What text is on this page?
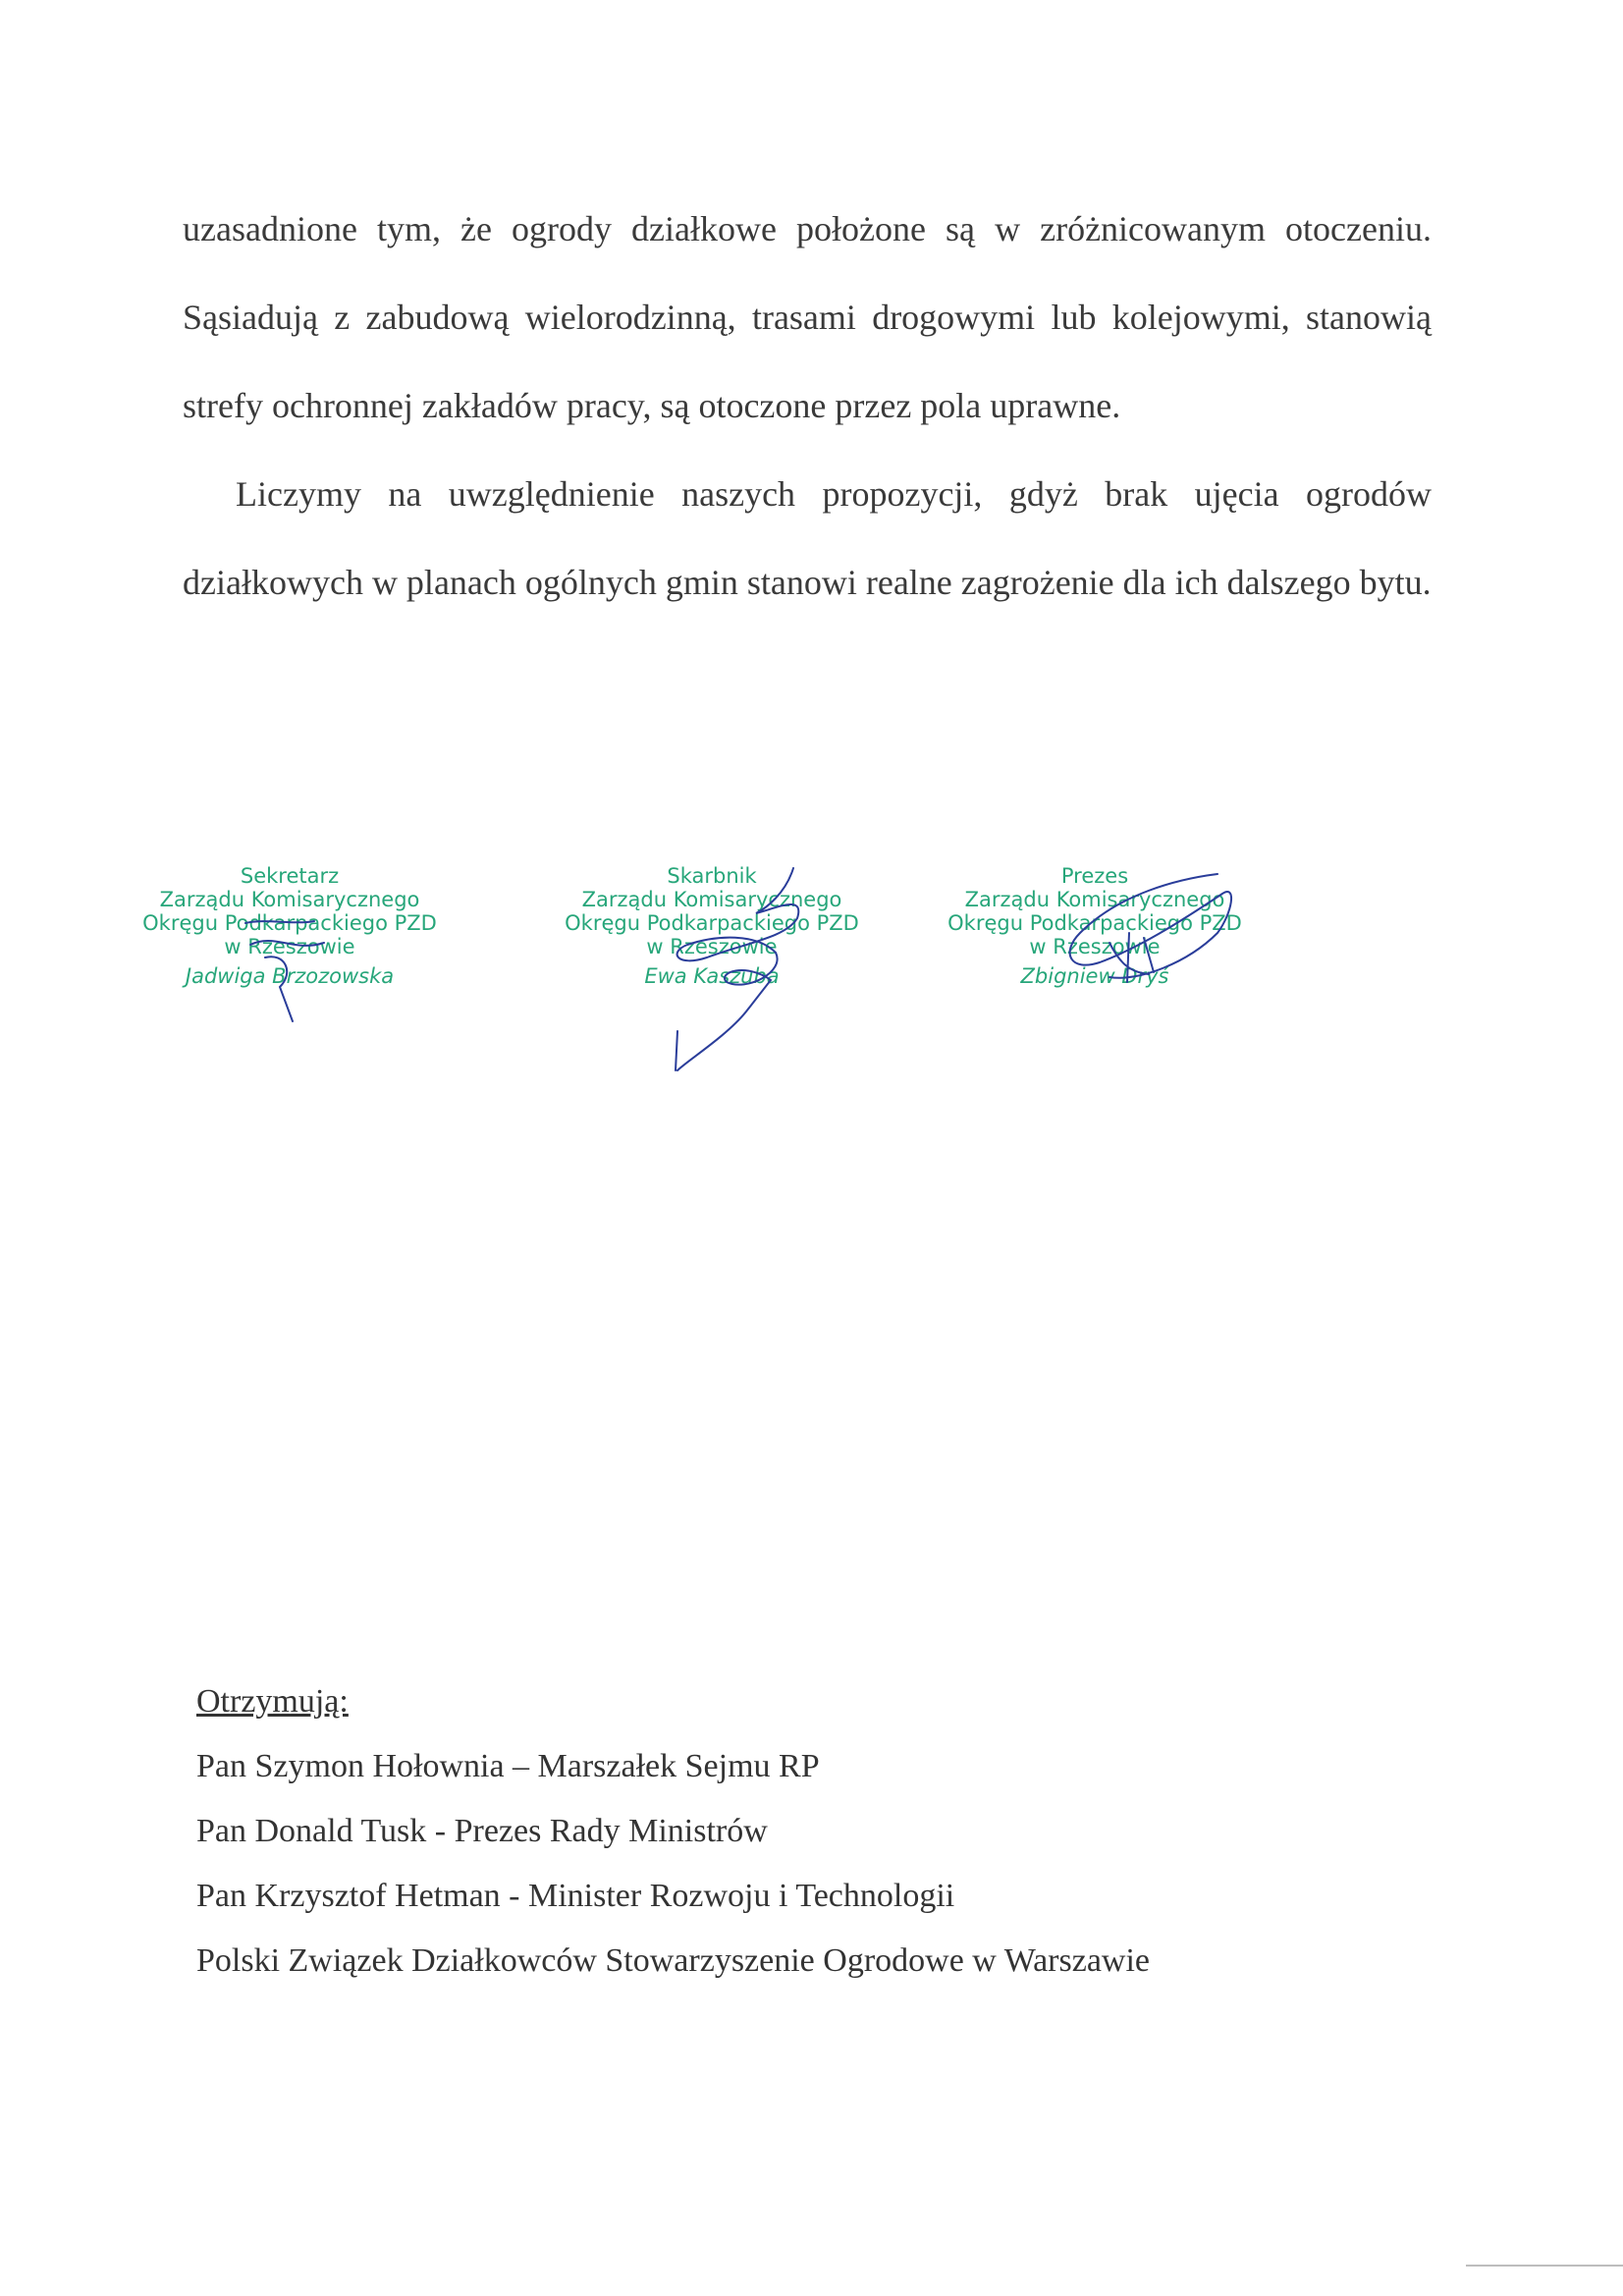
uzasadnione tym, że ogrody działkowe położone są w zróżnicowanym otoczeniu. Sąsiadują z zabudową wielorodzinną, trasami drogowymi lub kolejowymi, stanowią strefy ochronnej zakładów pracy, są otoczone przez pola uprawne.

Liczymy na uwzględnienie naszych propozycji, gdyż brak ujęcia ogrodów działkowych w planach ogólnych gmin stanowi realne zagrożenie dla ich dalszego bytu.

Sekretarz
Zarządu Komisarycznego
Okręgu Podkarpackiego PZD
w Rzeszowie
Jadwiga Brzozowska
Skarbnik
Zarządu Komisarycznego
Okręgu Podkarpackiego PZD
w Rzeszowie
Ewa Kaszuba
Prezes
Zarządu Komisarycznego
Okręgu Podkarpackiego PZD
w Rzeszowie
Zbigniew Dryś
Otrzymują:
Pan Szymon Hołownia – Marszałek Sejmu RP
Pan Donald Tusk - Prezes Rady Ministrów
Pan Krzysztof Hetman - Minister Rozwoju i Technologii
Polski Związek Działkowców Stowarzyszenie Ogrodowe w Warszawie
